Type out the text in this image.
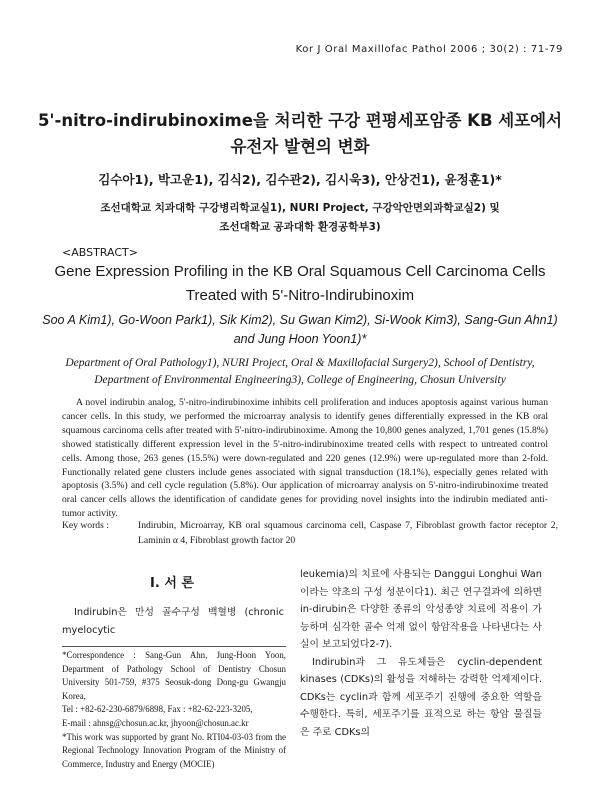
Kor J Oral Maxillofac Pathol 2006 ; 30(2) : 71-79
5'-nitro-indirubinoxime을 처리한 구강 편평세포암종 KB 세포에서
유전자 발현의 변화
김수아1), 박고운1), 김식2), 김수관2), 김시욱3), 안상건1), 윤정훈1)*
조선대학교 치과대학 구강병리학교실1), NURI Project, 구강악안면외과학교실2) 및
조선대학교 공과대학 환경공학부3)
<ABSTRACT>
Gene Expression Profiling in the KB Oral Squamous Cell Carcinoma Cells
Treated with 5'-Nitro-Indirubinoxim
Soo A Kim1), Go-Woon Park1), Sik Kim2), Su Gwan Kim2), Si-Wook Kim3), Sang-Gun Ahn1)
and Jung Hoon Yoon1)*
Department of Oral Pathology1), NURI Project, Oral & Maxillofacial Surgery2), School of Dentistry,
Department of Environmental Engineering3), College of Engineering, Chosun University
A novel indirubin analog, 5'-nitro-indirubinoxime inhibits cell proliferation and induces apoptosis against various human cancer cells. In this study, we performed the microarray analysis to identify genes differentially expressed in the KB oral squamous carcinoma cells after treated with 5'-nitro-indirubinoxime. Among the 10,800 genes analyzed, 1,701 genes (15.8%) showed statistically different expression level in the 5'-nitro-indirubinoxime treated cells with respect to untreated control cells. Among those, 263 genes (15.5%) were down-regulated and 220 genes (12.9%) were up-regulated more than 2-fold. Functionally related gene clusters include genes associated with signal transduction (18.1%), especially genes related with apoptosis (3.5%) and cell cycle regulation (5.8%). Our application of microarray analysis on 5'-nitro-indirubinoxime treated oral cancer cells allows the identification of candidate genes for providing novel insights into the indirubin mediated anti-tumor activity.
Key words :	Indirubin, Microarray, KB oral squamous carcinoma cell, Caspase 7, Fibroblast growth factor receptor 2, Laminin α 4, Fibroblast growth factor 20
I. 서 론
Indirubin은 만성 골수구성 백혈병 (chronic myelocytic

*Correspondence : Sang-Gun Ahn, Jung-Hoon Yoon, Department of Pathology School of Dentistry Chosun University 501-759, #375 Seosuk-dong Dong-gu Gwangju Korea,

Tel : +82-62-230-6879/6898, Fax : +82-62-223-3205,

E-mail : ahnsg@chosun.ac.kr, jhyoon@chosun.ac.kr

*This work was supported by grant No. RTI04-03-03 from the Regional Technology Innovation Program of the Ministry of Commerce, Industry and Energy (MOCIE)

leukemia)의 치료에 사용되는 Danggui Longhui Wan 이라는 약초의 구성 성분이다1). 최근 연구결과에 의하면 in-dirubin은 다양한 종류의 악성종양 치료에 적용이 가능하며 심각한 골수 억제 없이 항암작용을 나타낸다는 사실이 보고되었다2-7).

Indirubin과 그 유도체들은 cyclin-dependent kinases (CDKs)의 활성을 저해하는 강력한 억제제이다. CDKs는 cyclin과 함께 세포주기 진행에 중요한 역할을 수행한다. 특히, 세포주기를 표적으로 하는 항암 물질들은 주로 CDKs의
